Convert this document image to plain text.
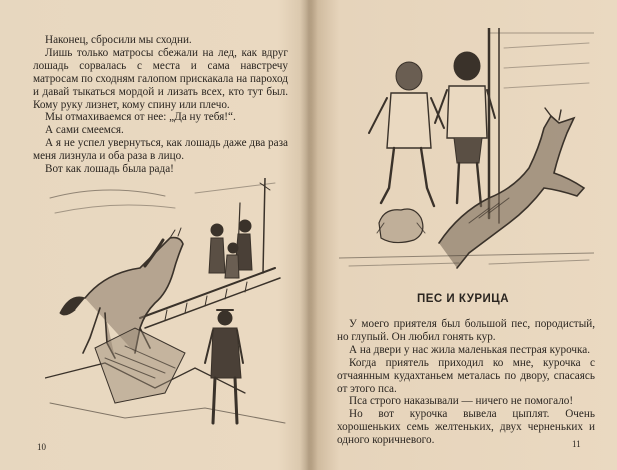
Наконец, сбросили мы сходни.

Лишь только матросы сбежали на лед, как вдруг лошадь сорвалась с места и сама навстречу матросам по сходням галопом прискакала на пароход и давай тыкаться мордой и лизать всех, кто тут был. Кому руку лизнет, кому спину или плечо.

Мы отмахиваемся от нее: „Да ну тебя!“.

А сами смеемся.

А я не успел увернуться, как лошадь даже два раза меня лизнула и оба раза в лицо.

Вот как лошадь была рада!

10
ПЕС И КУРИЦА

У моего приятеля был большой пес, породистый, но глупый. Он любил гонять кур.

А на двери у нас жила маленькая пестрая курочка.

Когда приятель приходил ко мне, курочка с отчаянным кудахтаньем металась по двору, спасаясь от этого пса.

Пса строго наказывали — ничего не помогало!

Но вот курочка вывела цыплят. Очень хорошеньких семь желтеньких, двух черненьких и одного коричневого.	11
